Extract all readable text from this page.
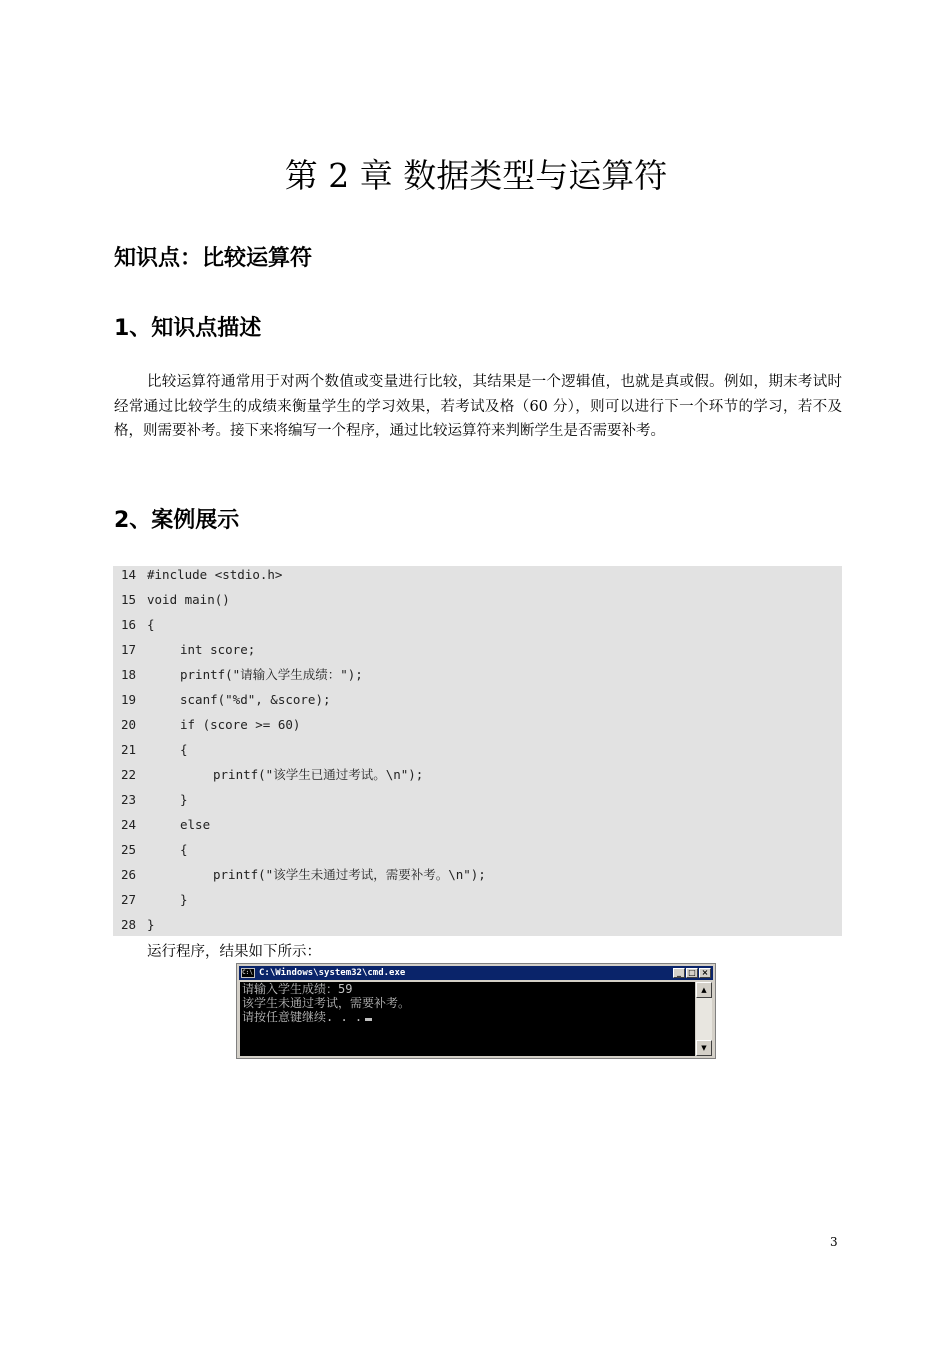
第 2 章 数据类型与运算符
知识点：比较运算符
1、知识点描述
比较运算符通常用于对两个数值或变量进行比较，其结果是一个逻辑值，也就是真或假。例如，期末考试时经常通过比较学生的成绩来衡量学生的学习效果，若考试及格（60 分），则可以进行下一个环节的学习，若不及格，则需要补考。接下来将编写一个程序，通过比较运算符来判断学生是否需要补考。
2、案例展示
14 #include <stdio.h>
15 void main()
16 {
17	int score;
18	printf("请输入学生成绩：");
19	scanf("%d", &score);
20	if (score >= 60)
21	{
22	printf("该学生已通过考试。\n");
23	}
24	else
25	{
26	printf("该学生未通过考试，需要补考。\n");
27	}
28 }
运行程序，结果如下所示：
C:\ C:\Windows\system32\cmd.exe	_ □ ×
请输入学生成绩：59
该学生未通过考试，需要补考。
请按任意键继续. . .
▲
▼
3
